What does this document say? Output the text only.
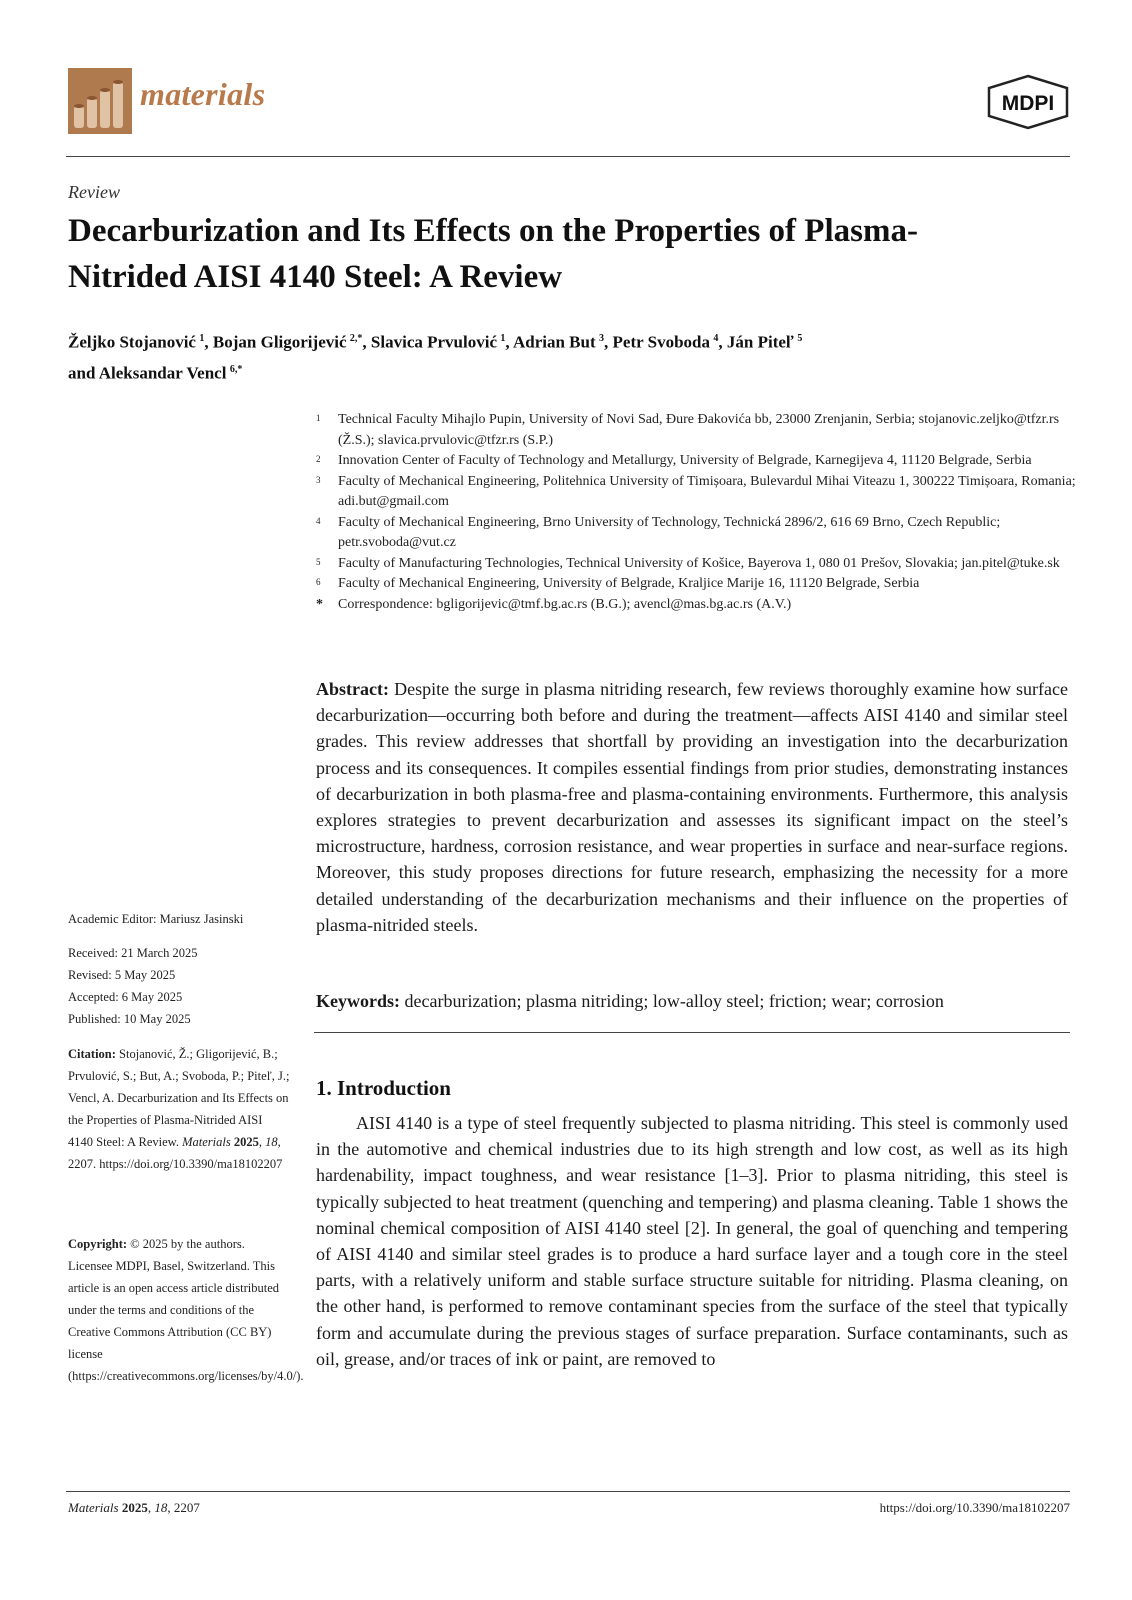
materials	MDPI
Review
Decarburization and Its Effects on the Properties of Plasma-Nitrided AISI 4140 Steel: A Review
Željko Stojanović  $^1$, Bojan Gligorijević  $^{2,*}$, Slavica Prvulović  $^1$, Adrian But  $^3$, Petr Svoboda  $^4$, Ján Piteľ  $^5$
and Aleksandar Vencl  $^{6,*}$

1 Technical Faculty Mihajlo Pupin, University of Novi Sad, Đure Đakovića bb, 23000 Zrenjanin, Serbia; stojanovic.zeljko@tfzr.rs (Ž.S.); slavica.prvulovic@tfzr.rs (S.P.)

2 Innovation Center of Faculty of Technology and Metallurgy, University of Belgrade, Karnegijeva 4, 11120 Belgrade, Serbia

3 Faculty of Mechanical Engineering, Politehnica University of Timișoara, Bulevardul Mihai Viteazu 1, 300222 Timișoara, Romania; adi.but@gmail.com

4 Faculty of Mechanical Engineering, Brno University of Technology, Technická 2896/2, 616 69 Brno, Czech Republic; petr.svoboda@vut.cz

5 Faculty of Manufacturing Technologies, Technical University of Košice, Bayerova 1, 080 01 Prešov, Slovakia; jan.pitel@tuke.sk

6 Faculty of Mechanical Engineering, University of Belgrade, Kraljice Marije 16, 11120 Belgrade, Serbia

* Correspondence: bgligorijevic@tmf.bg.ac.rs (B.G.); avencl@mas.bg.ac.rs (A.V.)

Abstract: Despite the surge in plasma nitriding research, few reviews thoroughly examine how surface decarburization—occurring both before and during the treatment—affects AISI 4140 and similar steel grades. This review addresses that shortfall by providing an investigation into the decarburization process and its consequences. It compiles essential findings from prior studies, demonstrating instances of decarburization in both plasma-free and plasma-containing environments. Furthermore, this analysis explores strategies to prevent decarburization and assesses its significant impact on the steel’s microstructure, hardness, corrosion resistance, and wear properties in surface and near-surface regions. Moreover, this study proposes directions for future research, emphasizing the necessity for a more detailed understanding of the decarburization mechanisms and their influence on the properties of plasma-nitrided steels.
Keywords: decarburization; plasma nitriding; low-alloy steel; friction; wear; corrosion
Academic Editor: Mariusz Jasinski

Received: 21 March 2025

Revised: 5 May 2025

Accepted: 6 May 2025

Published: 10 May 2025

Citation: Stojanović, Ž.; Gligorijević, B.; Prvulović, S.; But, A.; Svoboda, P.; Piteľ, J.; Vencl, A. Decarburization and Its Effects on the Properties of Plasma-Nitrided AISI 4140 Steel: A Review. Materials 2025, 18, 2207. https://doi.org/10.3390/ma18102207
Copyright: © 2025 by the authors. Licensee MDPI, Basel, Switzerland. This article is an open access article distributed under the terms and conditions of the Creative Commons Attribution (CC BY) license (https://creativecommons.org/licenses/by/4.0/).
1. Introduction
AISI 4140 is a type of steel frequently subjected to plasma nitriding. This steel is commonly used in the automotive and chemical industries due to its high strength and low cost, as well as its high hardenability, impact toughness, and wear resistance [1–3]. Prior to plasma nitriding, this steel is typically subjected to heat treatment (quenching and tempering) and plasma cleaning. Table 1 shows the nominal chemical composition of AISI 4140 steel [2]. In general, the goal of quenching and tempering of AISI 4140 and similar steel grades is to produce a hard surface layer and a tough core in the steel parts, with a relatively uniform and stable surface structure suitable for nitriding. Plasma cleaning, on the other hand, is performed to remove contaminant species from the surface of the steel that typically form and accumulate during the previous stages of surface preparation. Surface contaminants, such as oil, grease, and/or traces of ink or paint, are removed to
Materials 2025, 18, 2207	https://doi.org/10.3390/ma18102207
